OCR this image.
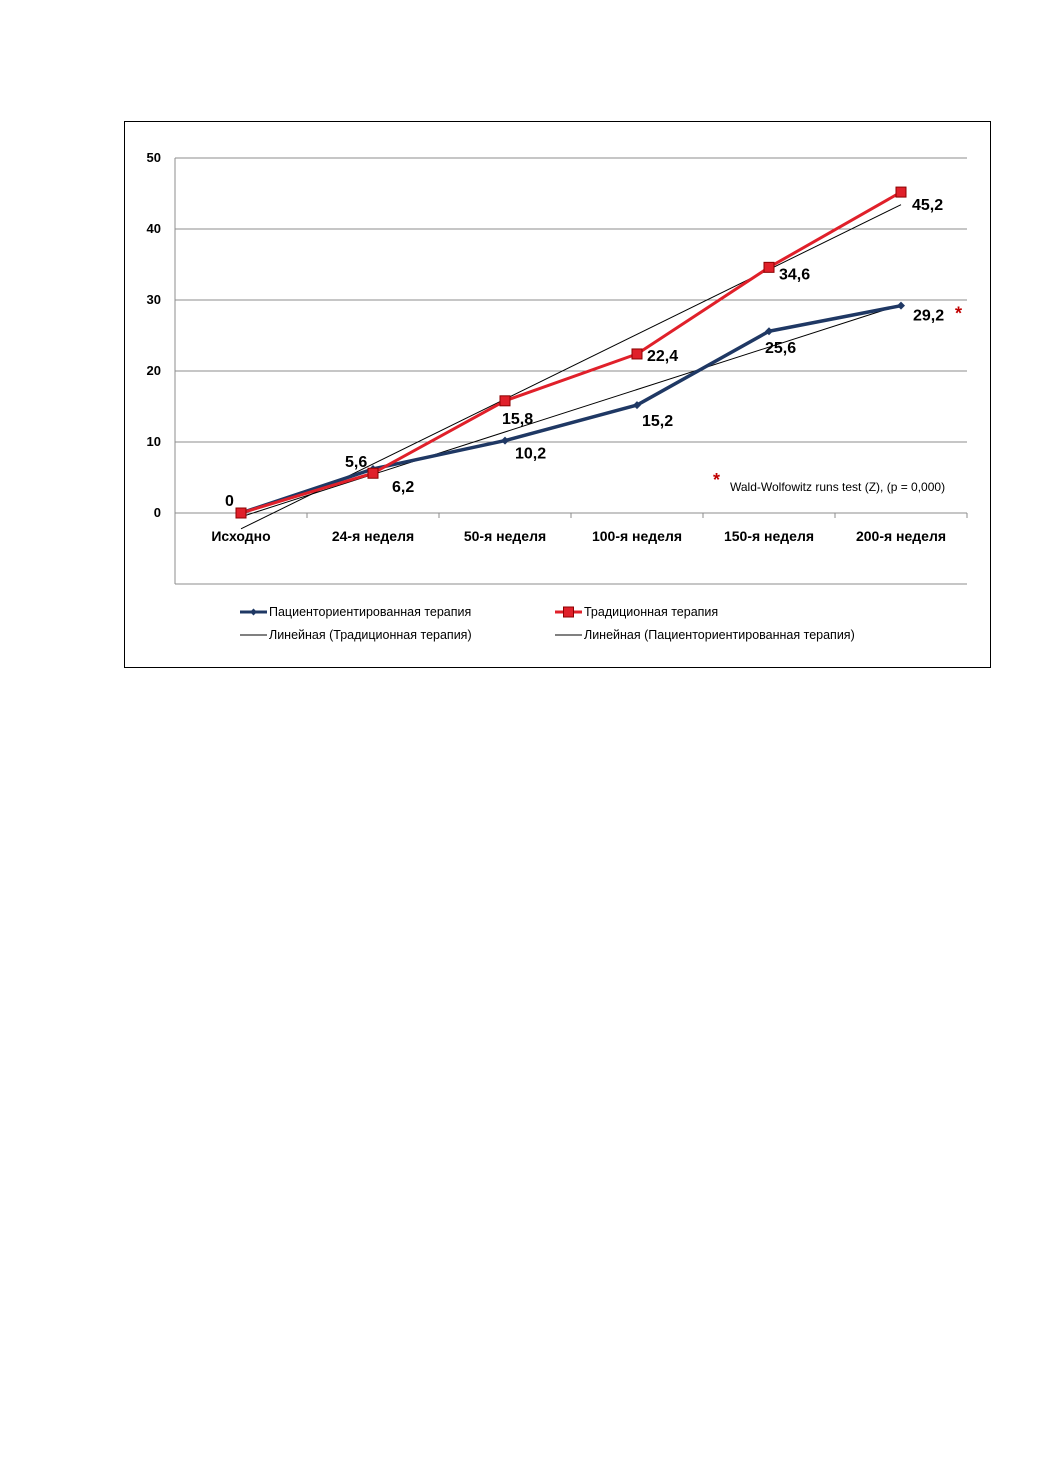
0
10
20
30
40
50
Исходно	24-я неделя	50-я неделя	100-я неделя	150-я неделя	200-я неделя
6,2
10,2
15,2
25,6
29,2
0
5,6
15,8
22,4
34,6
45,2
*
* Wald-Wolfowitz runs test (Z), (p = 0,000)
Пациенториентированная терапия	Традиционная терапия
Линейная (Традиционная терапия)	Линейная (Пациенториентированная терапия)
